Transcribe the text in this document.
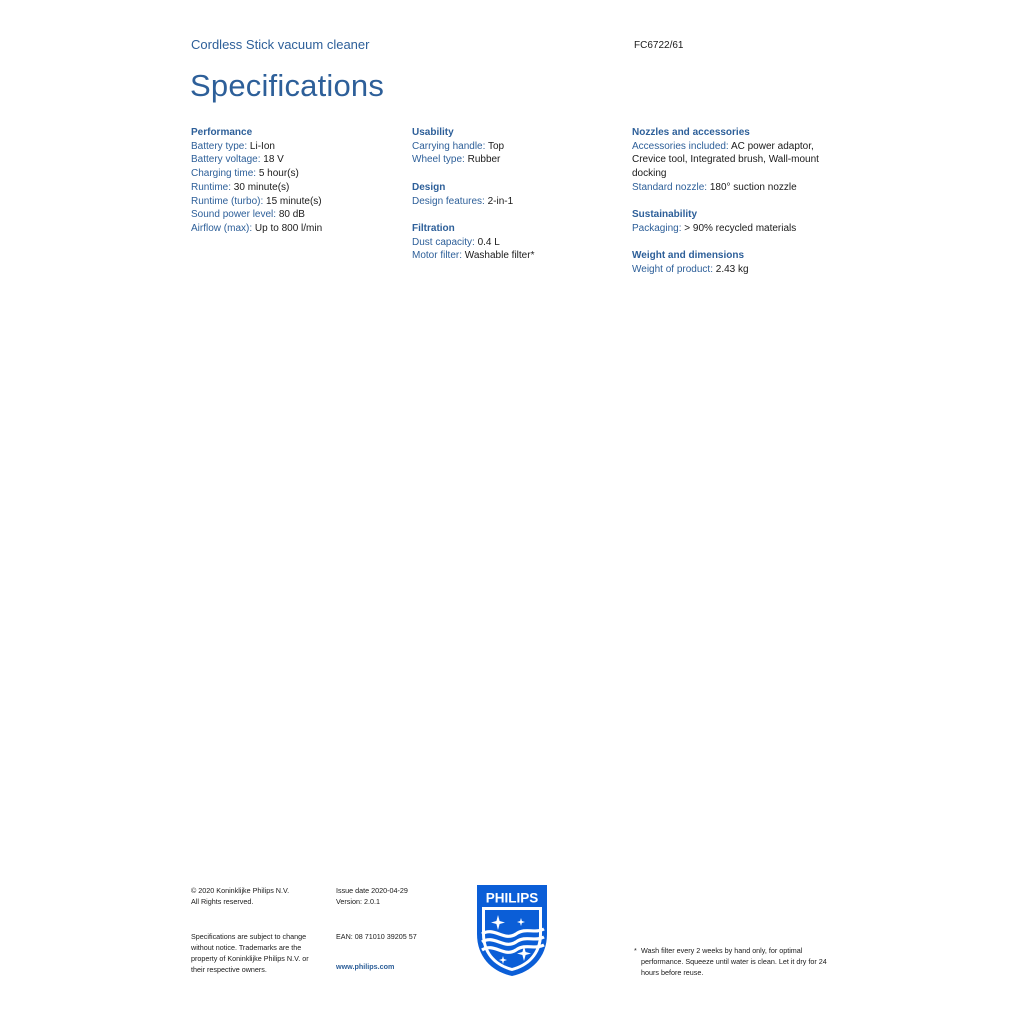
Cordless Stick vacuum cleaner	FC6722/61
Specifications
Performance
Battery type: Li-Ion
Battery voltage: 18 V
Charging time: 5 hour(s)
Runtime: 30 minute(s)
Runtime (turbo): 15 minute(s)
Sound power level: 80 dB
Airflow (max): Up to 800 l/min
Usability
Carrying handle: Top
Wheel type: Rubber
Design
Design features: 2-in-1
Filtration
Dust capacity: 0.4 L
Motor filter: Washable filter*
Nozzles and accessories
Accessories included: AC power adaptor, Crevice tool, Integrated brush, Wall-mount docking
Standard nozzle: 180° suction nozzle
Sustainability
Packaging: > 90% recycled materials
Weight and dimensions
Weight of product: 2.43 kg
© 2020 Koninklijke Philips N.V.
All Rights reserved.
Specifications are subject to change without notice. Trademarks are the property of Koninklijke Philips N.V. or their respective owners.
Issue date 2020-04-29
Version: 2.0.1
EAN: 08 71010 39205 57
www.philips.com
PHILIPS
* Wash filter every 2 weeks by hand only, for optimal performance. Squeeze until water is clean. Let it dry for 24 hours before reuse.
